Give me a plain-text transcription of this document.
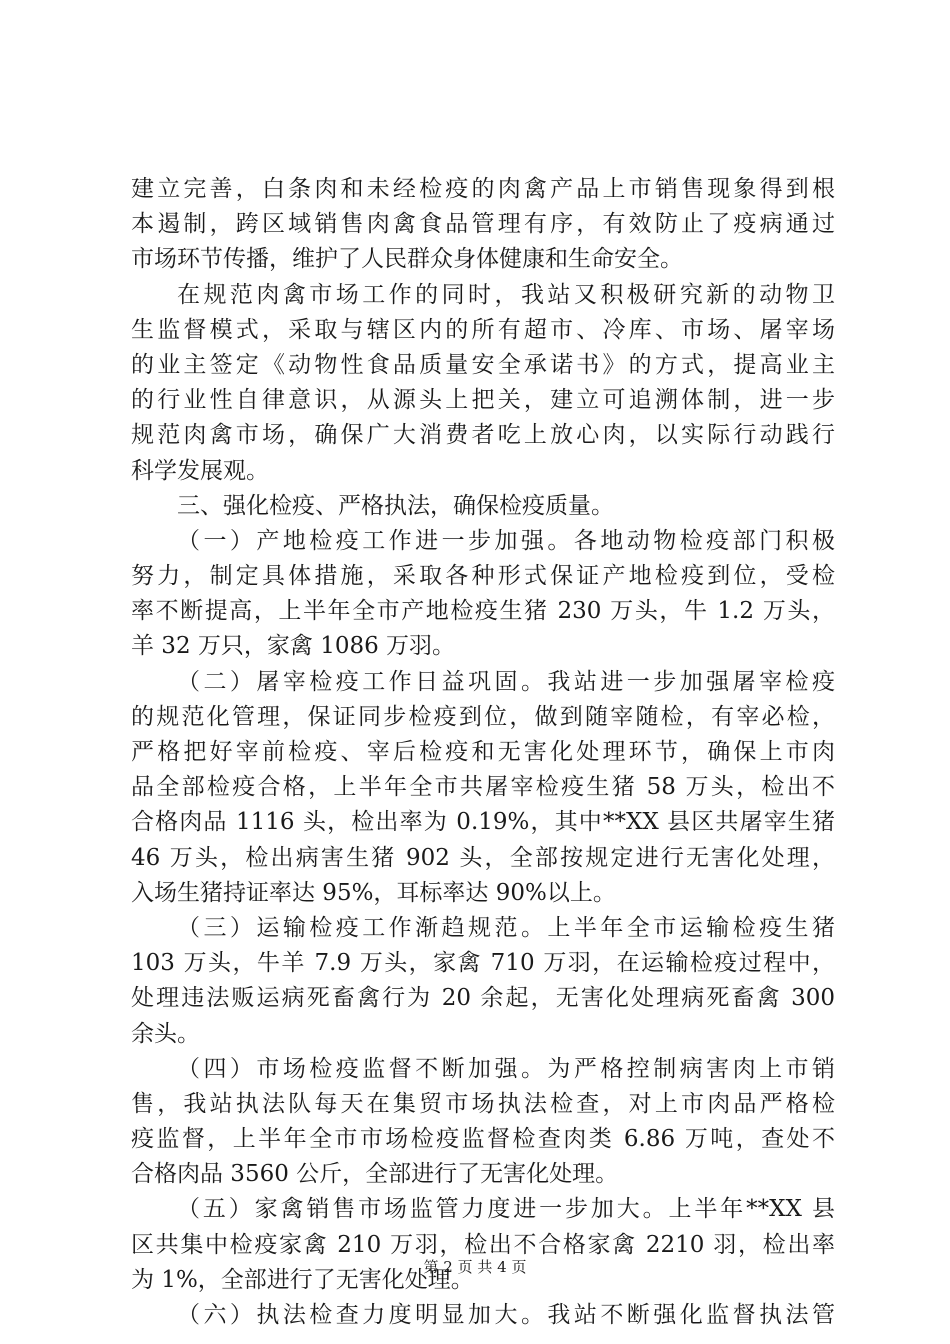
建立完善，白条肉和未经检疫的肉禽产品上市销售现象得到根
本遏制，跨区域销售肉禽食品管理有序，有效防止了疫病通过
市场环节传播，维护了人民群众身体健康和生命安全。
在规范肉禽市场工作的同时，我站又积极研究新的动物卫
生监督模式，采取与辖区内的所有超市、冷库、市场、屠宰场
的业主签定《动物性食品质量安全承诺书》的方式，提高业主
的行业性自律意识，从源头上把关，建立可追溯体制，进一步
规范肉禽市场，确保广大消费者吃上放心肉，以实际行动践行
科学发展观。
三、强化检疫、严格执法，确保检疫质量。
（一）产地检疫工作进一步加强。各地动物检疫部门积极
努力，制定具体措施，采取各种形式保证产地检疫到位，受检
率不断提高，上半年全市产地检疫生猪 230 万头，牛 1.2 万头，
羊 32 万只，家禽 1086 万羽。
（二）屠宰检疫工作日益巩固。我站进一步加强屠宰检疫
的规范化管理，保证同步检疫到位，做到随宰随检，有宰必检，
严格把好宰前检疫、宰后检疫和无害化处理环节，确保上市肉
品全部检疫合格，上半年全市共屠宰检疫生猪 58 万头，检出不
合格肉品 1116 头，检出率为 0.19%，其中**XX 县区共屠宰生猪
46 万头，检出病害生猪 902 头，全部按规定进行无害化处理，
入场生猪持证率达 95%，耳标率达 90%以上。
（三）运输检疫工作渐趋规范。上半年全市运输检疫生猪
103 万头，牛羊 7.9 万头，家禽 710 万羽，在运输检疫过程中，
处理违法贩运病死畜禽行为 20 余起，无害化处理病死畜禽 300
余头。
（四）市场检疫监督不断加强。为严格控制病害肉上市销
售，我站执法队每天在集贸市场执法检查，对上市肉品严格检
疫监督，上半年全市市场检疫监督检查肉类 6.86 万吨，查处不
合格肉品 3560 公斤，全部进行了无害化处理。
（五）家禽销售市场监管力度进一步加大。上半年**XX 县
区共集中检疫家禽 210 万羽，检出不合格家禽 2210 羽，检出率
为 1%，全部进行了无害化处理。
（六）执法检查力度明显加大。我站不断强化监督执法管
第 2 页 共 4 页
